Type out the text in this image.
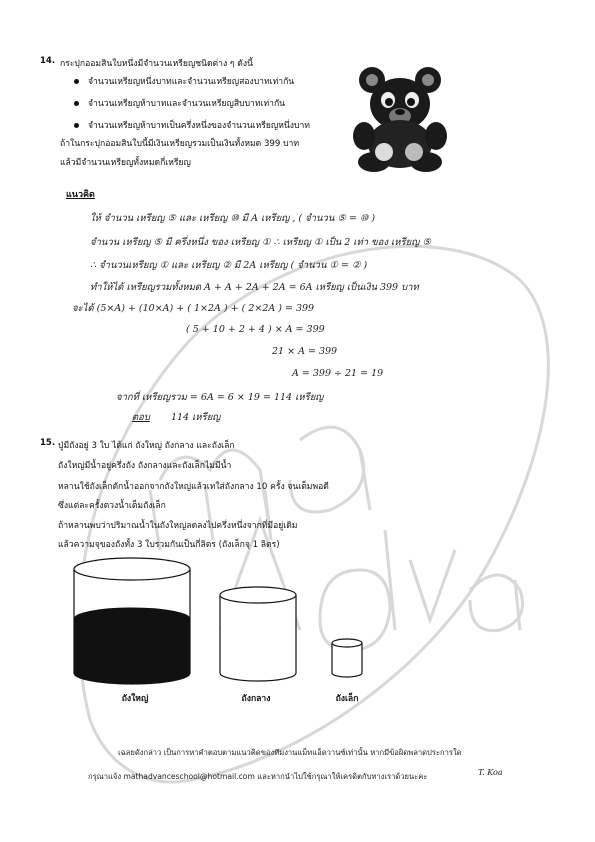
14. กระปุกออมสินใบหนึ่งมีจำนวนเหรียญชนิดต่าง ๆ ดังนี้
จำนวนเหรียญหนึ่งบาทและจำนวนเหรียญสองบาทเท่ากัน
จำนวนเหรียญห้าบาทและจำนวนเหรียญสิบบาทเท่ากัน
จำนวนเหรียญห้าบาทเป็นครึ่งหนึ่งของจำนวนเหรียญหนึ่งบาท
ถ้าในกระปุกออมสินใบนี้มีเงินเหรียญรวมเป็นเงินทั้งหมด 399 บาท
แล้วมีจำนวนเหรียญทั้งหมดกี่เหรียญ
แนวคิด
ให้ จำนวน เหรียญ ⑤ และ เหรียญ ⑩ มี A เหรียญ , ( จำนวน ⑤ = ⑩ )
จำนวน เหรียญ ⑤ มี ครึ่งหนึ่ง ของ เหรียญ ① ∴ เหรียญ ① เป็น 2 เท่า ของ เหรียญ ⑤
∴ จำนวนเหรียญ ① และ เหรียญ ② มี 2A เหรียญ ( จำนวน ① = ② )
ทำให้ได้ เหรียญรวมทั้งหมด A + A + 2A + 2A = 6A เหรียญ เป็นเงิน 399 บาท
จะได้ (5×A) + (10×A) + ( 1×2A ) + ( 2×2A ) = 399
( 5 + 10 + 2 + 4 ) × A = 399
21 × A = 399
A = 399 ÷ 21 = 19
จากที่ เหรียญรวม = 6A = 6 × 19 = 114 เหรียญ
ตอบ 114 เหรียญ
15. ปู่มีถังอยู่ 3 ใบ ได้แก่ ถังใหญ่ ถังกลาง และถังเล็ก
ถังใหญ่มีน้ำอยู่ครึ่งถัง ถังกลางและถังเล็กไม่มีน้ำ
หลานใช้ถังเล็กตักน้ำออกจากถังใหญ่แล้วเทใส่ถังกลาง 10 ครั้ง จนเต็มพอดี
ซึ่งแต่ละครั้งตวงน้ำเต็มถังเล็ก
ถ้าหลานพบว่าปริมาณน้ำในถังใหญ่ลดลงไปครึ่งหนึ่งจากที่มีอยู่เดิม
แล้วความจุของถังทั้ง 3 ใบรวมกันเป็นกี่ลิตร (ถังเล็กจุ 1 ลิตร)
ถังใหญ่	ถังกลาง	ถังเล็ก
เฉลยดังกล่าว เป็นการหาคำตอบตามแนวคิดของทีมงานแม็ทแอ็ดวานซ์เท่านั้น หากมีข้อผิดพลาดประการใด
กรุณาแจ้ง mathadvanceschool@hotmail.com และหากนำไปใช้กรุณาให้เครดิตกับทางเราด้วยนะคะ	T. Koa
